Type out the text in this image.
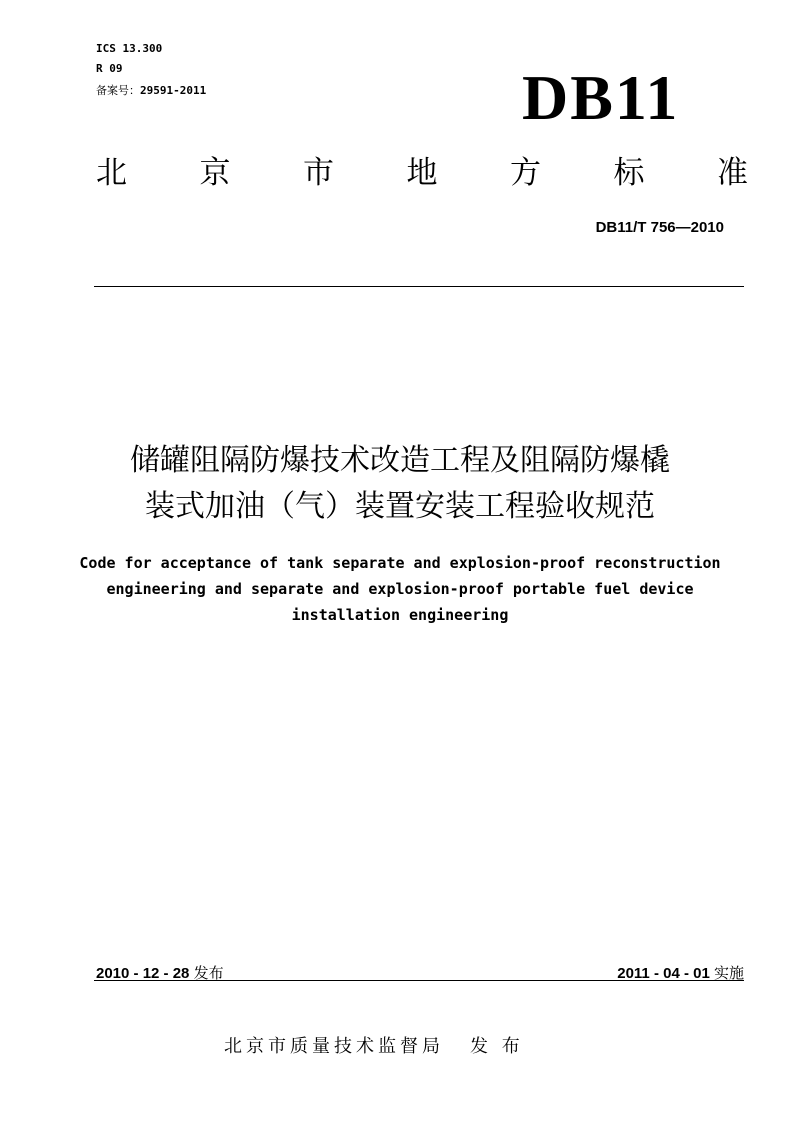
ICS 13.300
R 09
备案号：29591-2011	DB11
北 京 市 地 方 标 准
DB11/T 756—2010
储罐阻隔防爆技术改造工程及阻隔防爆橇
装式加油（气）装置安装工程验收规范
Code for acceptance of tank separate and explosion-proof reconstruction
engineering and separate and explosion-proof portable fuel device
installation engineering
2010 - 12 - 28 发布	2011 - 04 - 01 实施
北京市质量技术监督局 发 布
